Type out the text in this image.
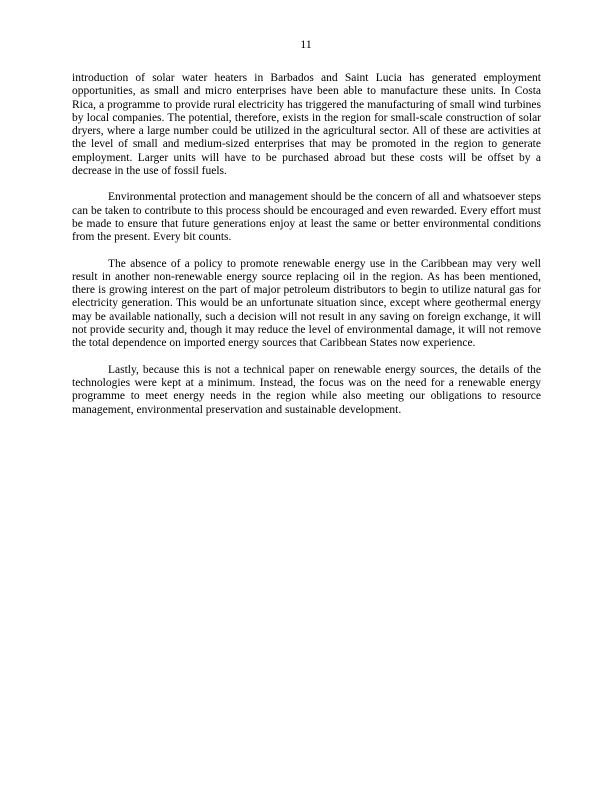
11

introduction of solar water heaters in Barbados and Saint Lucia has generated employment opportunities, as small and micro enterprises have been able to manufacture these units. In Costa Rica, a programme to provide rural electricity has triggered the manufacturing of small wind turbines by local companies. The potential, therefore, exists in the region for small-scale construction of solar dryers, where a large number could be utilized in the agricultural sector. All of these are activities at the level of small and medium-sized enterprises that may be promoted in the region to generate employment. Larger units will have to be purchased abroad but these costs will be offset by a decrease in the use of fossil fuels.

Environmental protection and management should be the concern of all and whatsoever steps can be taken to contribute to this process should be encouraged and even rewarded. Every effort must be made to ensure that future generations enjoy at least the same or better environmental conditions from the present. Every bit counts.

The absence of a policy to promote renewable energy use in the Caribbean may very well result in another non-renewable energy source replacing oil in the region. As has been mentioned, there is growing interest on the part of major petroleum distributors to begin to utilize natural gas for electricity generation. This would be an unfortunate situation since, except where geothermal energy may be available nationally, such a decision will not result in any saving on foreign exchange, it will not provide security and, though it may reduce the level of environmental damage, it will not remove the total dependence on imported energy sources that Caribbean States now experience.

Lastly, because this is not a technical paper on renewable energy sources, the details of the technologies were kept at a minimum. Instead, the focus was on the need for a renewable energy programme to meet energy needs in the region while also meeting our obligations to resource management, environmental preservation and sustainable development.
